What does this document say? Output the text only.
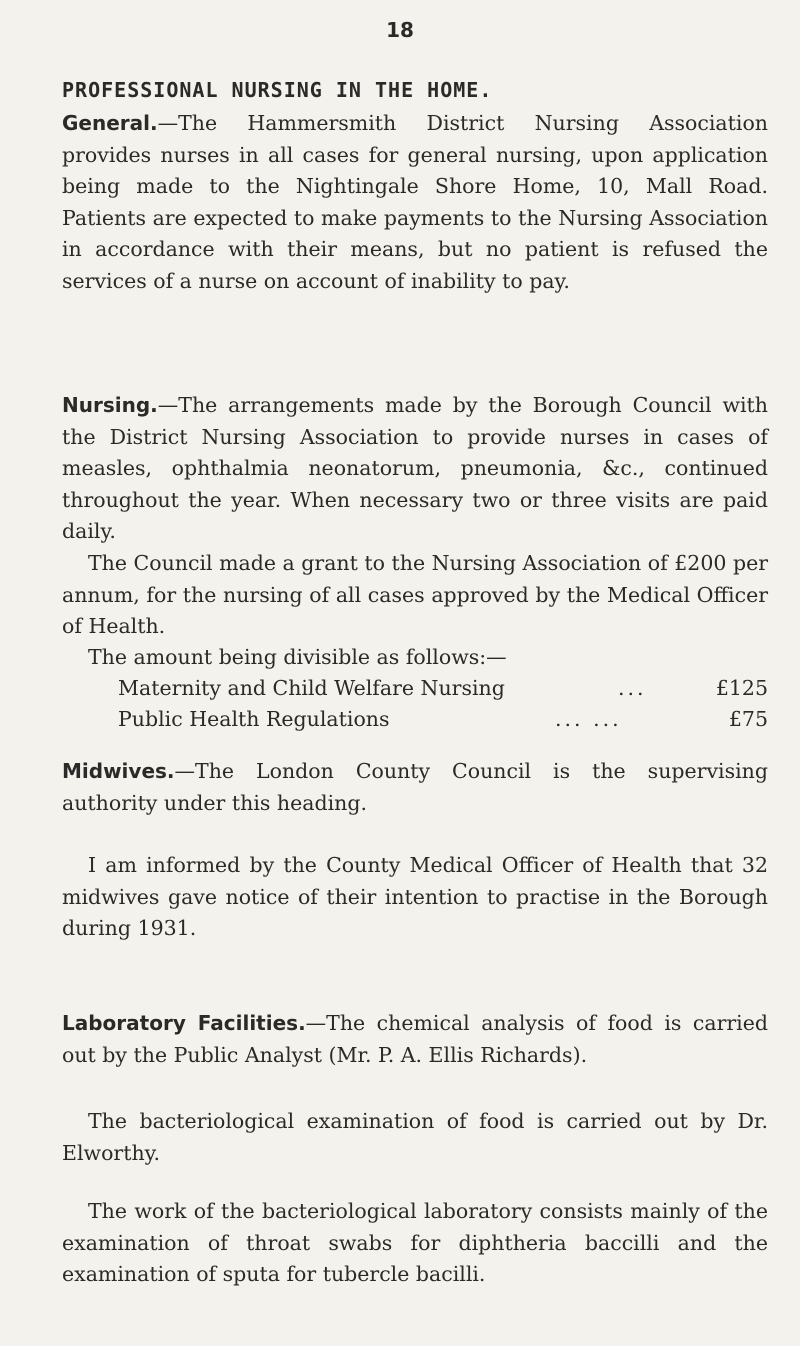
18
PROFESSIONAL NURSING IN THE HOME.

General.—The Hammersmith District Nursing Association provides nurses in all cases for general nursing, upon application being made to the Nightingale Shore Home, 10, Mall Road. Patients are expected to make payments to the Nursing Association in accordance with their means, but no patient is refused the services of a nurse on account of inability to pay.

Nursing.—The arrangements made by the Borough Council with the District Nursing Association to provide nurses in cases of measles, ophthalmia neonatorum, pneumonia, &c., continued throughout the year. When necessary two or three visits are paid daily.

The Council made a grant to the Nursing Association of £200 per annum, for the nursing of all cases approved by the Medical Officer of Health.

The amount being divisible as follows:—

Maternity and Child Welfare Nursing	...	£125
Public Health Regulations	... ...	£75

Midwives.—The London County Council is the supervising authority under this heading.

I am informed by the County Medical Officer of Health that 32 midwives gave notice of their intention to practise in the Borough during 1931.

Laboratory Facilities.—The chemical analysis of food is carried out by the Public Analyst (Mr. P. A. Ellis Richards).

The bacteriological examination of food is carried out by Dr. Elworthy.

The work of the bacteriological laboratory consists mainly of the examination of throat swabs for diphtheria baccilli and the examination of sputa for tubercle bacilli.
